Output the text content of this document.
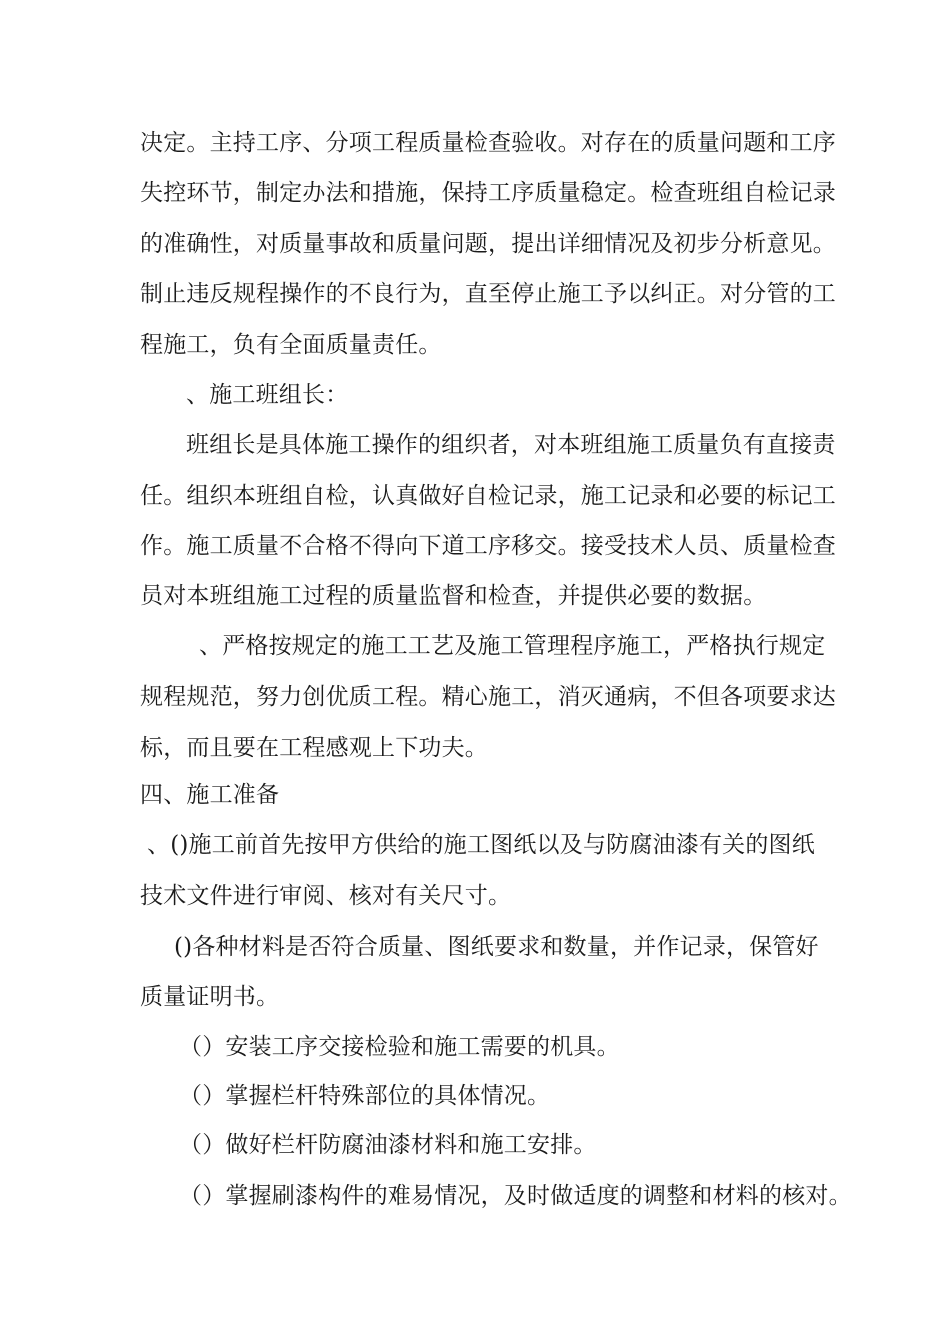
决定。主持工序、分项工程质量检查验收。对存在的质量问题和工序
失控环节，制定办法和措施，保持工序质量稳定。检查班组自检记录
的准确性，对质量事故和质量问题，提出详细情况及初步分析意见。
制止违反规程操作的不良行为，直至停止施工予以纠正。对分管的工
程施工，负有全面质量责任。
、施工班组长：
班组长是具体施工操作的组织者，对本班组施工质量负有直接责
任。组织本班组自检，认真做好自检记录，施工记录和必要的标记工
作。施工质量不合格不得向下道工序移交。接受技术人员、质量检查
员对本班组施工过程的质量监督和检查，并提供必要的数据。
、严格按规定的施工工艺及施工管理程序施工，严格执行规定
规程规范，努力创优质工程。精心施工，消灭通病，不但各项要求达
标，而且要在工程感观上下功夫。
四、施工准备
、()施工前首先按甲方供给的施工图纸以及与防腐油漆有关的图纸
技术文件进行审阅、核对有关尺寸。
()各种材料是否符合质量、图纸要求和数量，并作记录，保管好
质量证明书。
（）安装工序交接检验和施工需要的机具。
（）掌握栏杆特殊部位的具体情况。
（）做好栏杆防腐油漆材料和施工安排。
（）掌握刷漆构件的难易情况，及时做适度的调整和材料的核对。
